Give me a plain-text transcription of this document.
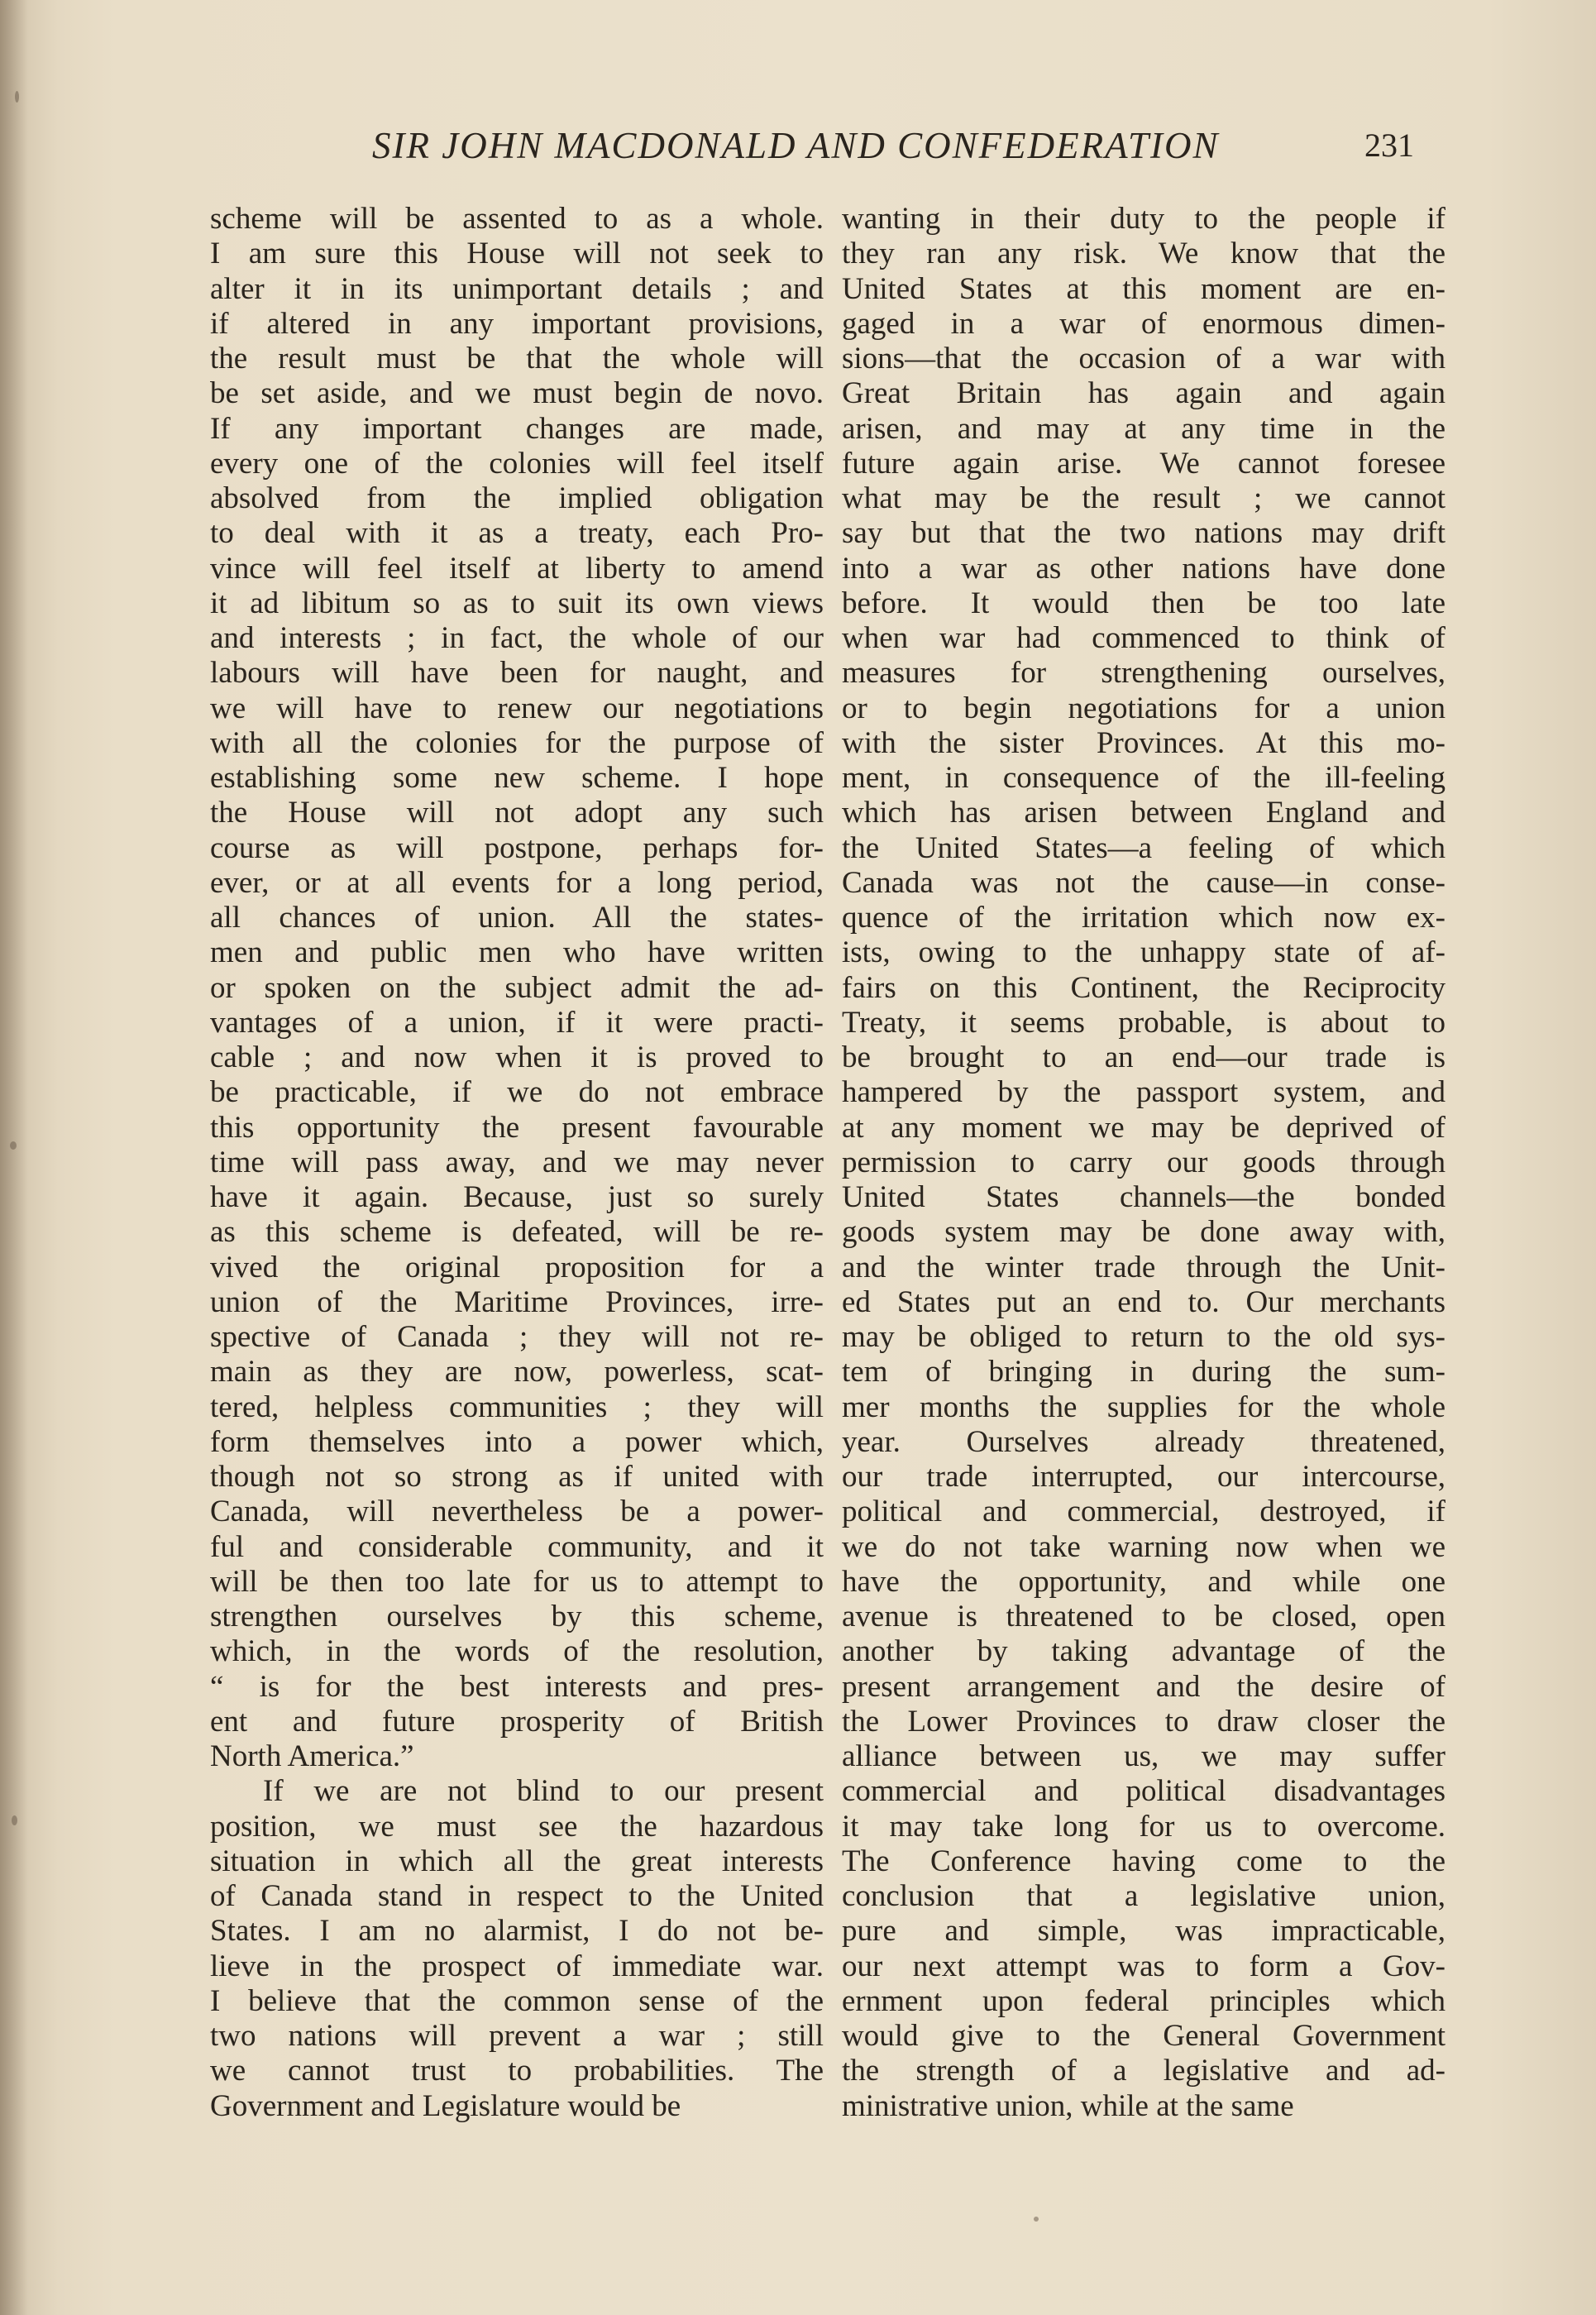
SIR JOHN MACDONALD AND CONFEDERATION	231
scheme will be assented to as a whole.
I am sure this House will not seek to
alter it in its unimportant details ; and
if altered in any important provisions,
the result must be that the whole will
be set aside, and we must begin de novo.
If any important changes are made,
every one of the colonies will feel itself
absolved from the implied obligation
to deal with it as a treaty, each Pro-
vince will feel itself at liberty to amend
it ad libitum so as to suit its own views
and interests ; in fact, the whole of our
labours will have been for naught, and
we will have to renew our negotiations
with all the colonies for the purpose of
establishing some new scheme. I hope
the House will not adopt any such
course as will postpone, perhaps for-
ever, or at all events for a long period,
all chances of union. All the states-
men and public men who have written
or spoken on the subject admit the ad-
vantages of a union, if it were practi-
cable ; and now when it is proved to
be practicable, if we do not embrace
this opportunity the present favourable
time will pass away, and we may never
have it again. Because, just so surely
as this scheme is defeated, will be re-
vived the original proposition for a
union of the Maritime Provinces, irre-
spective of Canada ; they will not re-
main as they are now, powerless, scat-
tered, helpless communities ; they will
form themselves into a power which,
though not so strong as if united with
Canada, will nevertheless be a power-
ful and considerable community, and it
will be then too late for us to attempt to
strengthen ourselves by this scheme,
which, in the words of the resolution,
“ is for the best interests and pres-
ent and future prosperity of British
North America.”
If we are not blind to our present
position, we must see the hazardous
situation in which all the great interests
of Canada stand in respect to the United
States. I am no alarmist, I do not be-
lieve in the prospect of immediate war.
I believe that the common sense of the
two nations will prevent a war ; still
we cannot trust to probabilities. The
Government and Legislature would be
wanting in their duty to the people if
they ran any risk. We know that the
United States at this moment are en-
gaged in a war of enormous dimen-
sions—that the occasion of a war with
Great Britain has again and again
arisen, and may at any time in the
future again arise. We cannot foresee
what may be the result ; we cannot
say but that the two nations may drift
into a war as other nations have done
before. It would then be too late
when war had commenced to think of
measures for strengthening ourselves,
or to begin negotiations for a union
with the sister Provinces. At this mo-
ment, in consequence of the ill-feeling
which has arisen between England and
the United States—a feeling of which
Canada was not the cause—in conse-
quence of the irritation which now ex-
ists, owing to the unhappy state of af-
fairs on this Continent, the Reciprocity
Treaty, it seems probable, is about to
be brought to an end—our trade is
hampered by the passport system, and
at any moment we may be deprived of
permission to carry our goods through
United States channels—the bonded
goods system may be done away with,
and the winter trade through the Unit-
ed States put an end to. Our merchants
may be obliged to return to the old sys-
tem of bringing in during the sum-
mer months the supplies for the whole
year. Ourselves already threatened,
our trade interrupted, our intercourse,
political and commercial, destroyed, if
we do not take warning now when we
have the opportunity, and while one
avenue is threatened to be closed, open
another by taking advantage of the
present arrangement and the desire of
the Lower Provinces to draw closer the
alliance between us, we may suffer
commercial and political disadvantages
it may take long for us to overcome.
The Conference having come to the
conclusion that a legislative union,
pure and simple, was impracticable,
our next attempt was to form a Gov-
ernment upon federal principles which
would give to the General Government
the strength of a legislative and ad-
ministrative union, while at the same
